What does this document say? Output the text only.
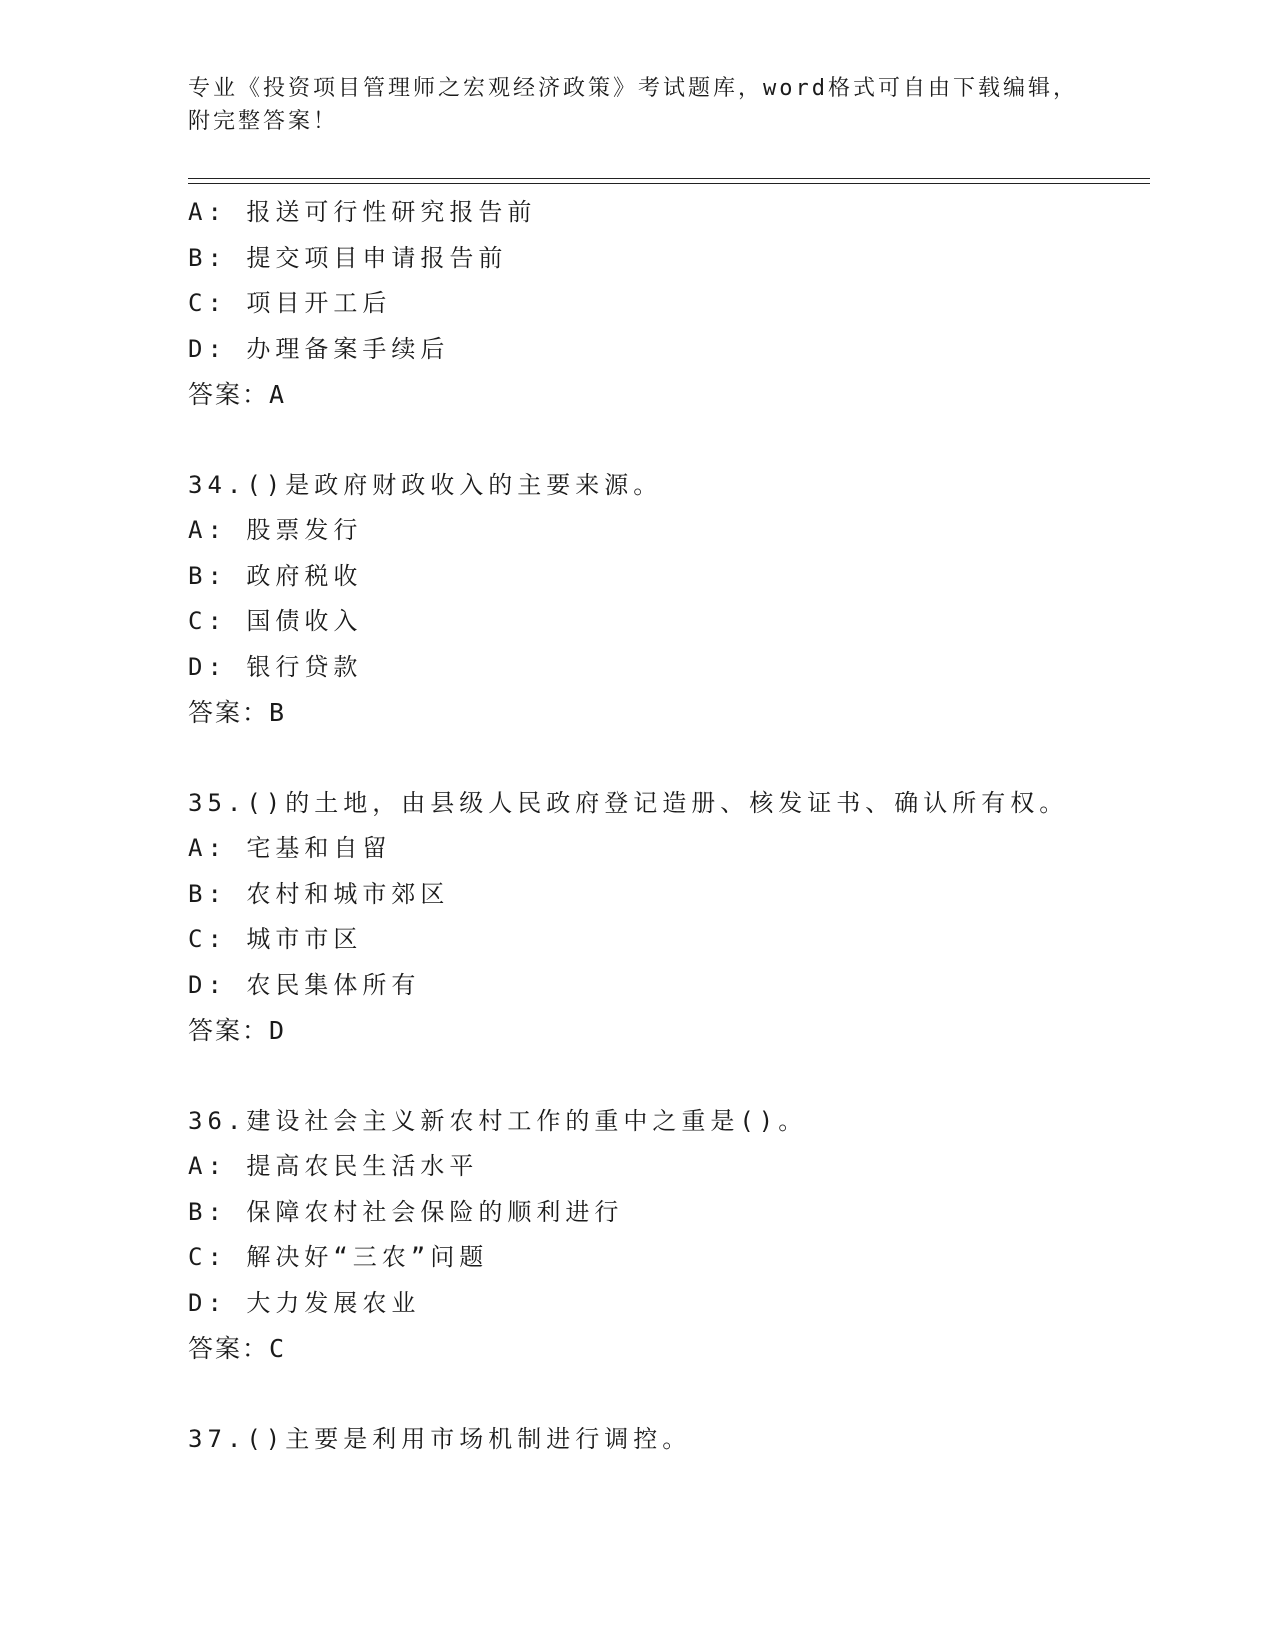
专业《投资项目管理师之宏观经济政策》考试题库，word格式可自由下载编辑，
附完整答案！
A: 报送可行性研究报告前
B: 提交项目申请报告前
C: 项目开工后
D: 办理备案手续后
答案：A
34.()是政府财政收入的主要来源。
A: 股票发行
B: 政府税收
C: 国债收入
D: 银行贷款
答案：B
35.()的土地，由县级人民政府登记造册、核发证书、确认所有权。
A: 宅基和自留
B: 农村和城市郊区
C: 城市市区
D: 农民集体所有
答案：D
36.建设社会主义新农村工作的重中之重是()。
A: 提高农民生活水平
B: 保障农村社会保险的顺利进行
C: 解决好“三农”问题
D: 大力发展农业
答案：C
37.()主要是利用市场机制进行调控。
